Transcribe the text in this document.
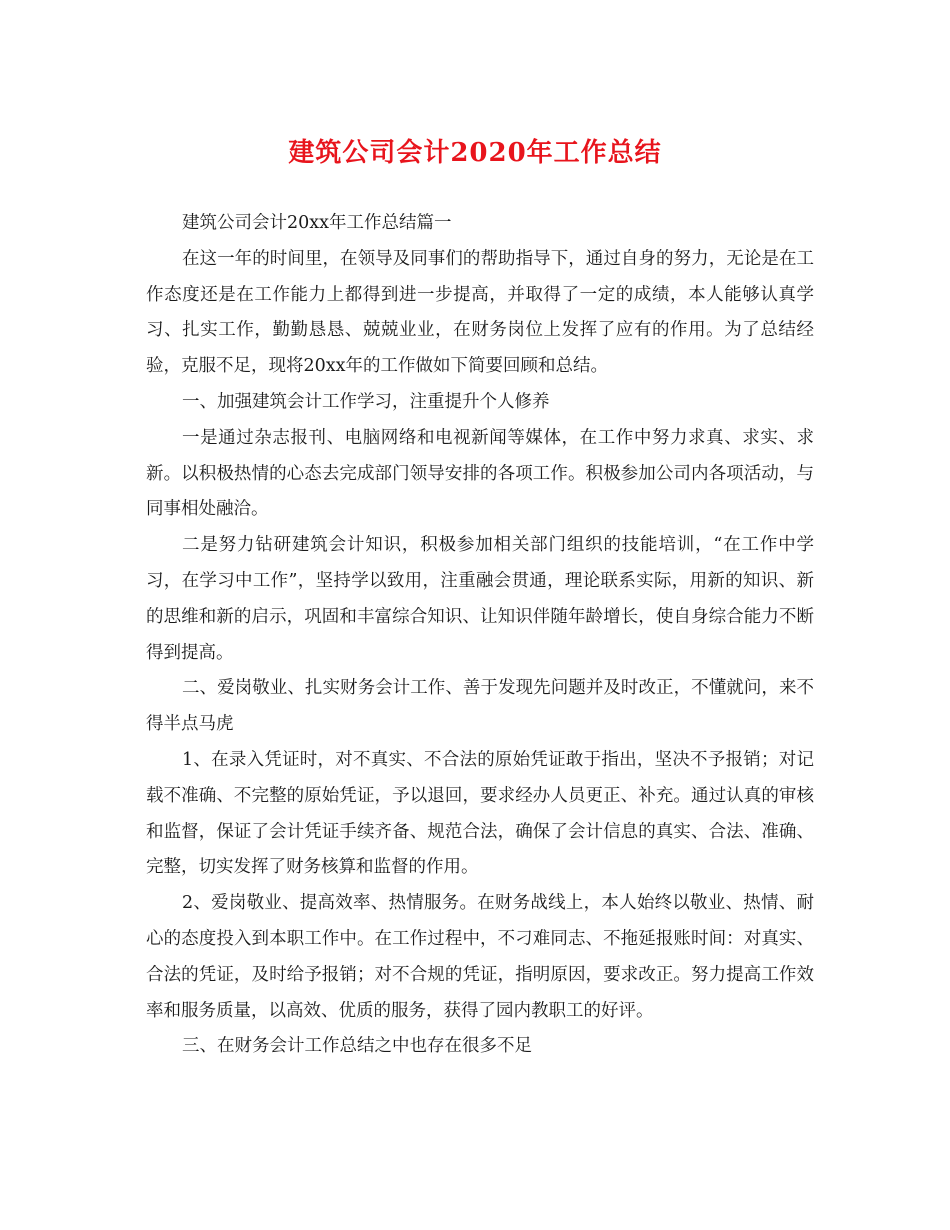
建筑公司会计2020年工作总结

建筑公司会计20xx年工作总结篇一

在这一年的时间里，在领导及同事们的帮助指导下，通过自身的努力，无论是在工作态度还是在工作能力上都得到进一步提高，并取得了一定的成绩，本人能够认真学习、扎实工作，勤勤恳恳、兢兢业业，在财务岗位上发挥了应有的作用。为了总结经验，克服不足，现将20xx年的工作做如下简要回顾和总结。

一、加强建筑会计工作学习，注重提升个人修养

一是通过杂志报刊、电脑网络和电视新闻等媒体，在工作中努力求真、求实、求新。以积极热情的心态去完成部门领导安排的各项工作。积极参加公司内各项活动，与同事相处融洽。

二是努力钻研建筑会计知识，积极参加相关部门组织的技能培训，“在工作中学习，在学习中工作”，坚持学以致用，注重融会贯通，理论联系实际，用新的知识、新的思维和新的启示，巩固和丰富综合知识、让知识伴随年龄增长，使自身综合能力不断得到提高。

二、爱岗敬业、扎实财务会计工作、善于发现先问题并及时改正，不懂就问，来不得半点马虎

1、在录入凭证时，对不真实、不合法的原始凭证敢于指出，坚决不予报销；对记载不准确、不完整的原始凭证，予以退回，要求经办人员更正、补充。通过认真的审核和监督，保证了会计凭证手续齐备、规范合法，确保了会计信息的真实、合法、准确、完整，切实发挥了财务核算和监督的作用。

2、爱岗敬业、提高效率、热情服务。在财务战线上，本人始终以敬业、热情、耐心的态度投入到本职工作中。在工作过程中，不刁难同志、不拖延报账时间：对真实、合法的凭证，及时给予报销；对不合规的凭证，指明原因，要求改正。努力提高工作效率和服务质量，以高效、优质的服务，获得了园内教职工的好评。

三、在财务会计工作总结之中也存在很多不足
